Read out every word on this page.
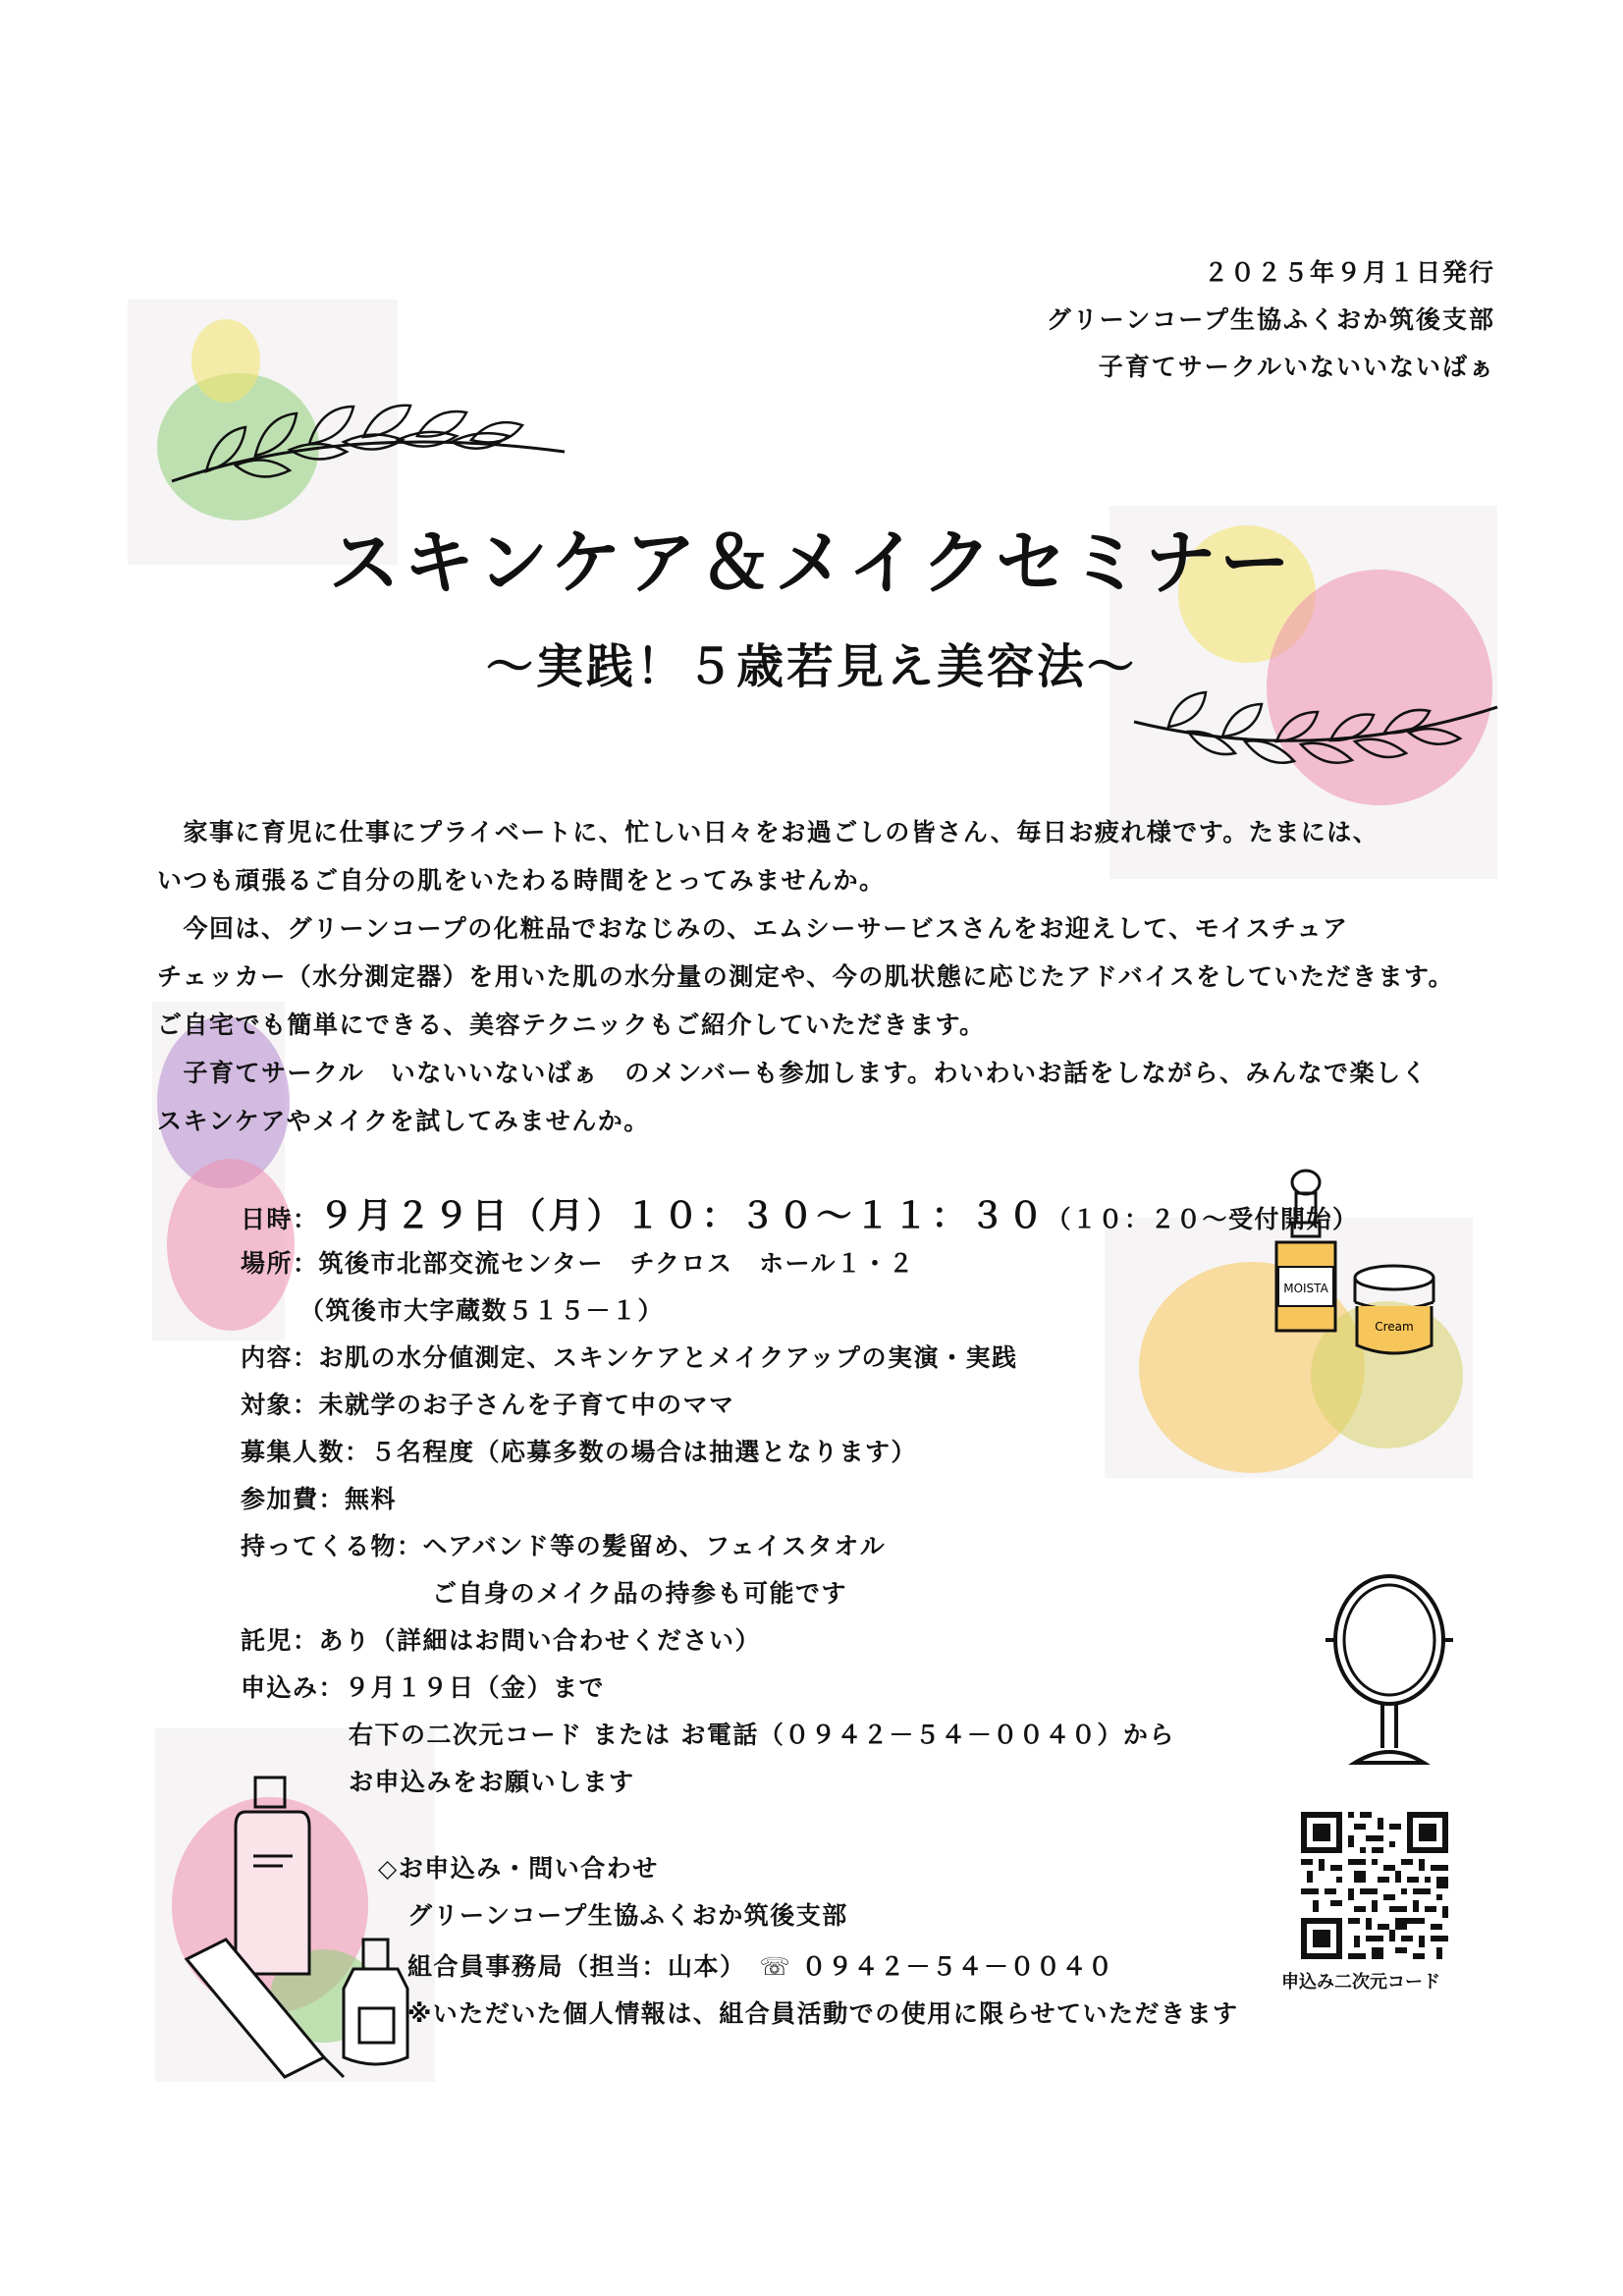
２０２５年９月１日発行
グリーンコープ生協ふくおか筑後支部
子育てサークルいないいないばぁ
スキンケア＆メイクセミナー
～実践！５歳若見え美容法～

　家事に育児に仕事にプライベートに、忙しい日々をお過ごしの皆さん、毎日お疲れ様です。たまには、

いつも頑張るご自分の肌をいたわる時間をとってみませんか。

　今回は、グリーンコープの化粧品でおなじみの、エムシーサービスさんをお迎えして、モイスチュア

チェッカー（水分測定器）を用いた肌の水分量の測定や、今の肌状態に応じたアドバイスをしていただきます。

ご自宅でも簡単にできる、美容テクニックもご紹介していただきます。

　子育てサークル　いないいないばぁ　のメンバーも参加します。わいわいお話をしながら、みんなで楽しく

スキンケアやメイクを試してみませんか。

日時：９月２９日（月）１０：３０～１１：３０（１０：２０～受付開始）
場所：筑後市北部交流センター　チクロス　ホール１・２
（筑後市大字蔵数５１５－１）
内容：お肌の水分値測定、スキンケアとメイクアップの実演・実践
対象：未就学のお子さんを子育て中のママ
募集人数：５名程度（応募多数の場合は抽選となります）
参加費：無料
持ってくる物：ヘアバンド等の髪留め、フェイスタオル
ご自身のメイク品の持参も可能です
託児：あり（詳細はお問い合わせください）
申込み：９月１９日（金）まで
右下の二次元コード または お電話（０９４２－５４－００４０）から
お申込みをお願いします
◇お申込み・問い合わせ
グリーンコープ生協ふくおか筑後支部
組合員事務局（担当：山本）　☏ ０９４２－５４－００４０
※いただいた個人情報は、組合員活動での使用に限らせていただきます
MOISTA
Cream
申込み二次元コード
